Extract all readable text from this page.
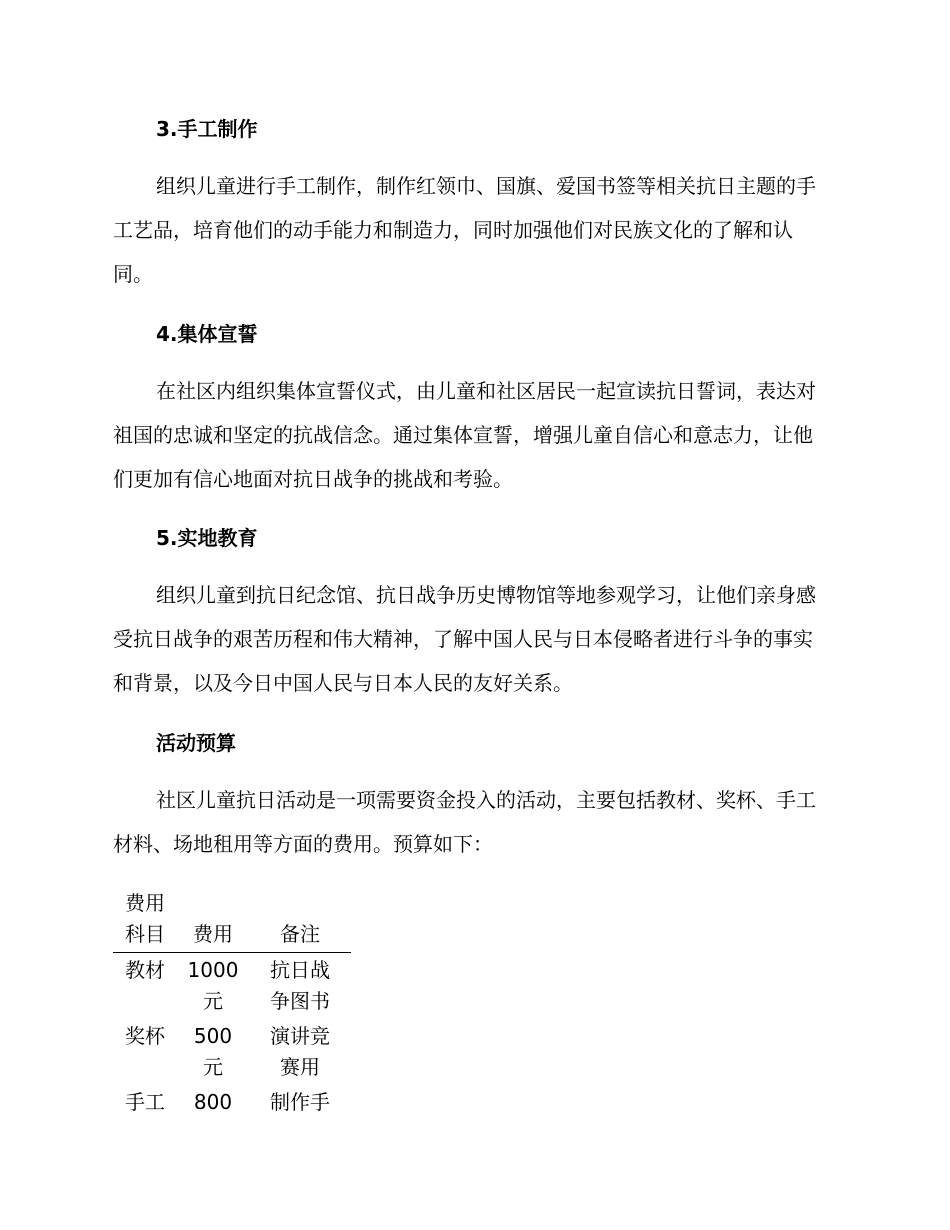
3.手工制作

组织儿童进行手工制作，制作红领巾、国旗、爱国书签等相关抗日主题的手工艺品，培育他们的动手能力和制造力，同时加强他们对民族文化的了解和认同。

4.集体宣誓

在社区内组织集体宣誓仪式，由儿童和社区居民一起宣读抗日誓词，表达对祖国的忠诚和坚定的抗战信念。通过集体宣誓，增强儿童自信心和意志力，让他们更加有信心地面对抗日战争的挑战和考验。

5.实地教育

组织儿童到抗日纪念馆、抗日战争历史博物馆等地参观学习，让他们亲身感受抗日战争的艰苦历程和伟大精神，了解中国人民与日本侵略者进行斗争的事实和背景，以及今日中国人民与日本人民的友好关系。

活动预算

社区儿童抗日活动是一项需要资金投入的活动，主要包括教材、奖杯、手工材料、场地租用等方面的费用。预算如下：

费用科目	费用	备注

教材	1000元	抗日战争图书

奖杯	500元	演讲竞赛用

手工	800	制作手
